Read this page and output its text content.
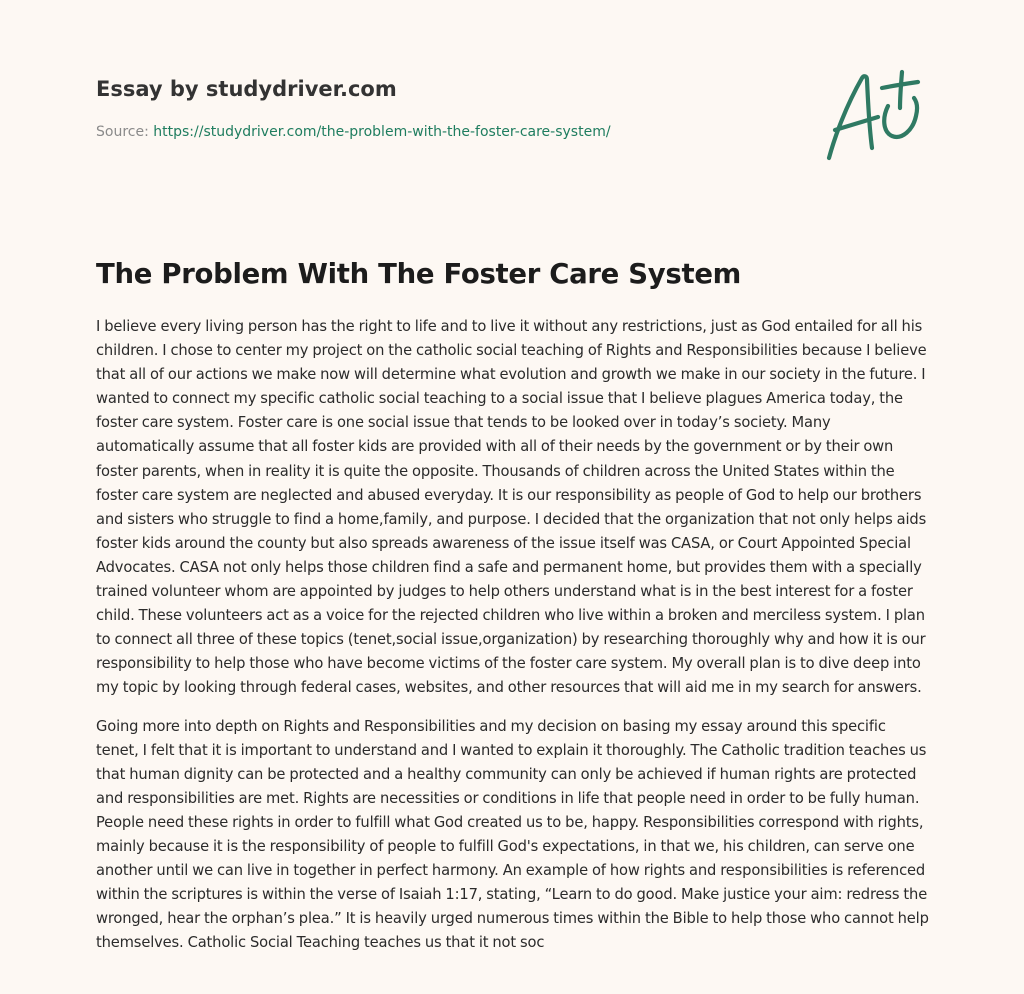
Essay by studydriver.com
Source: https://studydriver.com/the-problem-with-the-foster-care-system/
The Problem With The Foster Care System

I believe every living person has the right to life and to live it without any restrictions, just as God entailed for all his children. I chose to center my project on the catholic social teaching of Rights and Responsibilities because I believe that all of our actions we make now will determine what evolution and growth we make in our society in the future. I wanted to connect my specific catholic social teaching to a social issue that I believe plagues America today, the foster care system. Foster care is one social issue that tends to be looked over in today’s society. Many automatically assume that all foster kids are provided with all of their needs by the government or by their own foster parents, when in reality it is quite the opposite. Thousands of children across the United States within the foster care system are neglected and abused everyday. It is our responsibility as people of God to help our brothers and sisters who struggle to find a home,family, and purpose. I decided that the organization that not only helps aids foster kids around the county but also spreads awareness of the issue itself was CASA, or Court Appointed Special Advocates. CASA not only helps those children find a safe and permanent home, but provides them with a specially trained volunteer whom are appointed by judges to help others understand what is in the best interest for a foster child. These volunteers act as a voice for the rejected children who live within a broken and merciless system. I plan to connect all three of these topics (tenet,social issue,organization) by researching thoroughly why and how it is our responsibility to help those who have become victims of the foster care system. My overall plan is to dive deep into my topic by looking through federal cases, websites, and other resources that will aid me in my search for answers.

Going more into depth on Rights and Responsibilities and my decision on basing my essay around this specific tenet, I felt that it is important to understand and I wanted to explain it thoroughly. The Catholic tradition teaches us that human dignity can be protected and a healthy community can only be achieved if human rights are protected and responsibilities are met. Rights are necessities or conditions in life that people need in order to be fully human. People need these rights in order to fulfill what God created us to be, happy. Responsibilities correspond with rights, mainly because it is the responsibility of people to fulfill God's expectations, in that we, his children, can serve one another until we can live in together in perfect harmony. An example of how rights and responsibilities is referenced within the scriptures is within the verse of Isaiah 1:17, stating, “Learn to do good. Make justice your aim: redress the wronged, hear the orphan’s plea.” It is heavily urged numerous times within the Bible to help those who cannot help themselves. Catholic Social Teaching teaches us that it not soc
